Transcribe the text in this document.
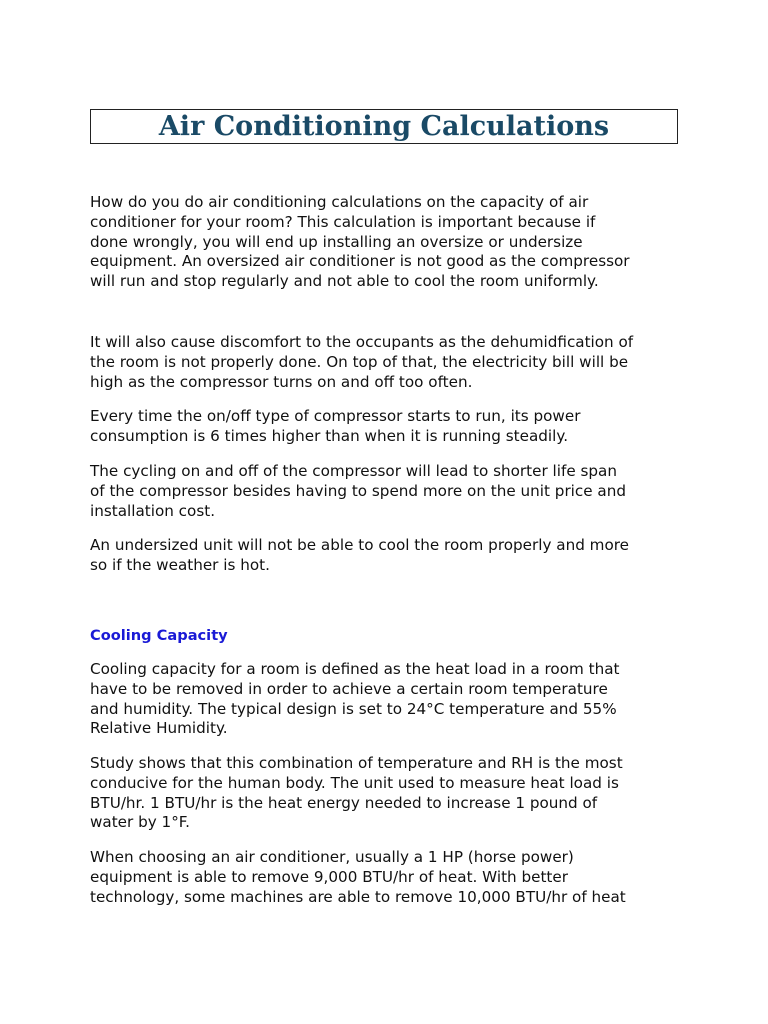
Air Conditioning Calculations

How do you do air conditioning calculations on the capacity of air
conditioner for your room? This calculation is important because if
done wrongly, you will end up installing an oversize or undersize
equipment. An oversized air conditioner is not good as the compressor
will run and stop regularly and not able to cool the room uniformly.

It will also cause discomfort to the occupants as the dehumidfication of
the room is not properly done. On top of that, the electricity bill will be
high as the compressor turns on and off too often.

Every time the on/off type of compressor starts to run, its power
consumption is 6 times higher than when it is running steadily.

The cycling on and off of the compressor will lead to shorter life span
of the compressor besides having to spend more on the unit price and
installation cost.

An undersized unit will not be able to cool the room properly and more
so if the weather is hot.

Cooling Capacity

Cooling capacity for a room is defined as the heat load in a room that
have to be removed in order to achieve a certain room temperature
and humidity. The typical design is set to 24°C temperature and 55%
Relative Humidity.

Study shows that this combination of temperature and RH is the most
conducive for the human body. The unit used to measure heat load is
BTU/hr. 1 BTU/hr is the heat energy needed to increase 1 pound of
water by 1°F.

When choosing an air conditioner, usually a 1 HP (horse power)
equipment is able to remove 9,000 BTU/hr of heat. With better
technology, some machines are able to remove 10,000 BTU/hr of heat
